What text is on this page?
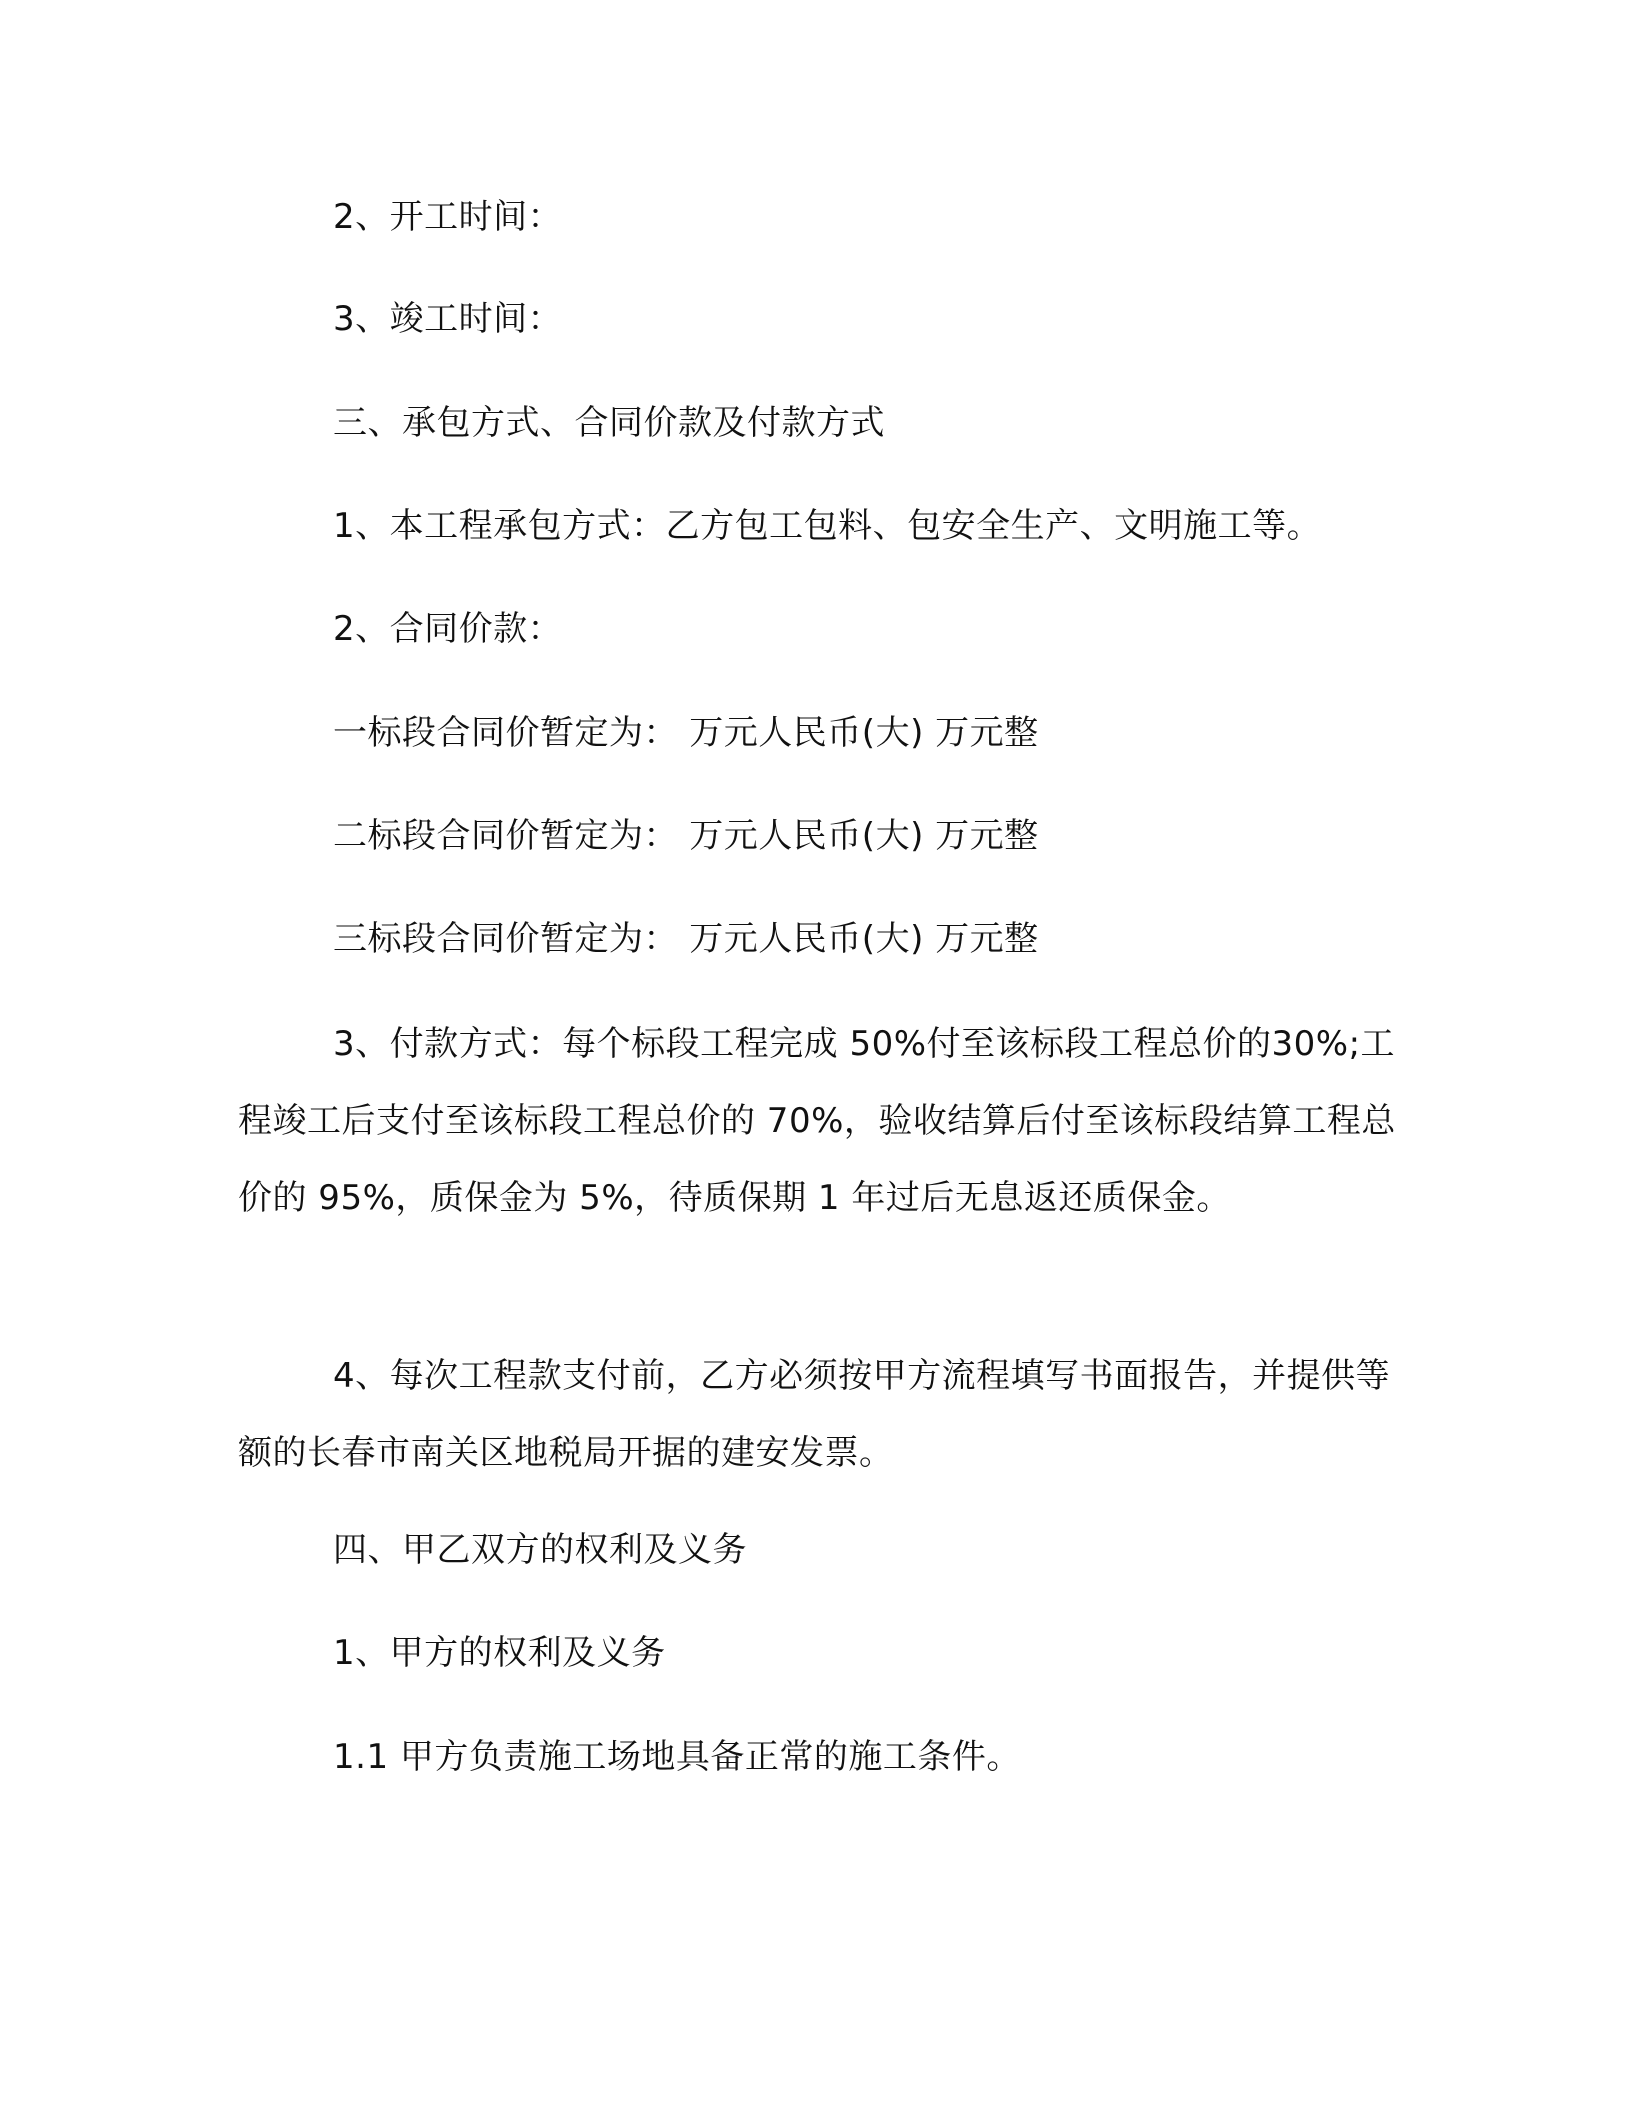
2、开工时间：
3、竣工时间：
三、承包方式、合同价款及付款方式
1、本工程承包方式：乙方包工包料、包安全生产、文明施工等。
2、合同价款：
一标段合同价暂定为： 万元人民币(大) 万元整
二标段合同价暂定为： 万元人民币(大) 万元整
三标段合同价暂定为： 万元人民币(大) 万元整
3、付款方式：每个标段工程完成 50%付至该标段工程总价的30%;工程竣工后支付至该标段工程总价的 70%，验收结算后付至该标段结算工程总价的 95%，质保金为 5%，待质保期 1 年过后无息返还质保金。
4、每次工程款支付前，乙方必须按甲方流程填写书面报告，并提供等额的长春市南关区地税局开据的建安发票。
四、甲乙双方的权利及义务
1、甲方的权利及义务
1.1 甲方负责施工场地具备正常的施工条件。
